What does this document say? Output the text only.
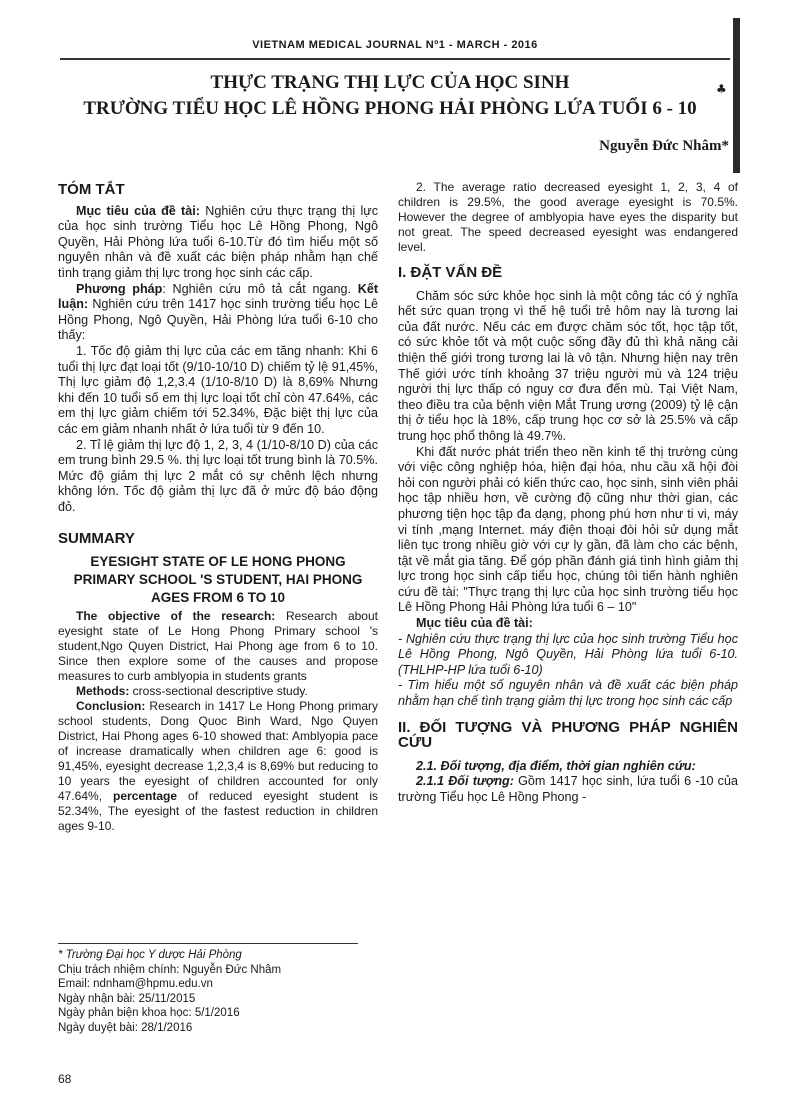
VIETNAM MEDICAL JOURNAL Nº1 - MARCH - 2016
THỰC TRẠNG THỊ LỰC CỦA HỌC SINH
TRƯỜNG TIỂU HỌC LÊ HỒNG PHONG HẢI PHÒNG LỨA TUỔI 6 - 10
♣
Nguyễn Đức Nhâm*

TÓM TẮT

Mục tiêu của đề tài: Nghiên cứu thực trạng thị lực của học sinh trường Tiểu học Lê Hồng Phong, Ngô Quyền, Hải Phòng lứa tuổi 6-10.Từ đó tìm hiểu một số nguyên nhân và đề xuất các biện pháp nhằm hạn chế tình trạng giảm thị lực trong học sinh các cấp.

Phương pháp: Nghiên cứu mô tả cắt ngang. Kết luận: Nghiên cứu trên 1417 học sinh trường tiểu học Lê Hồng Phong, Ngô Quyền, Hải Phòng lứa tuổi 6-10 cho thấy:

1. Tốc độ giảm thị lực của các em tăng nhanh: Khi 6 tuổi thị lực đạt loại tốt (9/10-10/10 D) chiếm tỷ lệ 91,45%, Thị lực giảm độ 1,2,3.4 (1/10-8/10 D) là 8,69% Nhưng khi đến 10 tuổi số em thị lực loại tốt chỉ còn 47.64%, các em thị lực giảm chiếm tới 52.34%, Đặc biệt thị lực của các em giảm nhanh nhất ở lứa tuổi từ 9 đến 10.

2. Tỉ lệ giảm thị lực độ 1, 2, 3, 4 (1/10-8/10 D) của các em trung bình 29.5 %. thị lực loại tốt trung bình là 70.5%. Mức độ giảm thị lực 2 mắt có sự chênh lệch nhưng không lớn. Tốc độ giảm thị lực đã ở mức độ báo động đỏ.

SUMMARY

EYESIGHT STATE OF LE HONG PHONG PRIMARY SCHOOL 'S STUDENT, HAI PHONG AGES FROM 6 TO 10

The objective of the research: Research about eyesight state of Le Hong Phong Primary school 's student,Ngo Quyen District, Hai Phong age from 6 to 10. Since then explore some of the causes and propose measures to curb amblyopia in students grants

Methods: cross-sectional descriptive study.

Conclusion: Research in 1417 Le Hong Phong primary school students, Dong Quoc Binh Ward, Ngo Quyen District, Hai Phong ages 6-10 showed that: Amblyopia pace of increase dramatically when children age 6: good is 91,45%, eyesight decrease 1,2,3,4 is 8,69% but reducing to 10 years the eyesight of children accounted for only 47.64%, percentage of reduced eyesight student is 52.34%, The eyesight of the fastest reduction in children ages 9-10.

2. The average ratio decreased eyesight 1, 2, 3, 4 of children is 29.5%, the good average eyesight is 70.5%. However the degree of amblyopia have eyes the disparity but not great. The speed decreased eyesight was endangered level.

I. ĐẶT VẤN ĐỀ

Chăm sóc sức khỏe học sinh là một công tác có ý nghĩa hết sức quan trọng vì thế hệ tuổi trẻ hôm nay là tương lai của đất nước. Nếu các em được chăm sóc tốt, học tập tốt, có sức khỏe tốt và một cuộc sống đầy đủ thì khả năng cải thiện thế giới trong tương lai là vô tận. Nhưng hiện nay trên Thế giới ước tính khoảng 37 triệu người mù và 124 triệu người thị lực thấp có nguy cơ đưa đến mù. Tại Việt Nam, theo điều tra của bệnh viện Mắt Trung ương (2009) tỷ lệ cận thị ở tiểu học là 18%, cấp trung học cơ sở là 25.5% và cấp trung học phổ thông là 49.7%.

Khi đất nước phát triển theo nền kinh tế thị trường cùng với việc công nghiệp hóa, hiện đại hóa, nhu cầu xã hội đòi hỏi con người phải có kiến thức cao, học sinh, sinh viên phải học tập nhiều hơn, về cường độ cũng như thời gian, các phương tiện học tập đa dạng, phong phú hơn như ti vi, máy vi tính ,mạng Internet. máy điện thoại đòi hỏi sử dụng mắt liên tục trong nhiều giờ với cự ly gần, đã làm cho các bệnh, tật về mắt gia tăng. Để góp phần đánh giá tình hình giảm thị lực trong học sinh cấp tiểu học, chúng tôi tiến hành nghiên cứu đề tài: "Thực trạng thị lực của học sinh trường tiểu học Lê Hồng Phong Hải Phòng lứa tuổi 6 – 10"

Mục tiêu của đề tài:

- Nghiên cứu thực trạng thị lực của học sinh trường Tiểu học Lê Hồng Phong, Ngô Quyền, Hải Phòng lứa tuổi 6-10. (THLHP-HP lứa tuổi 6-10)

- Tìm hiểu một số nguyên nhân và đề xuất các biện pháp nhằm hạn chế tình trạng giảm thị lực trong học sinh các cấp

II. ĐỐI TƯỢNG VÀ PHƯƠNG PHÁP NGHIÊN CỨU

2.1. Đối tượng, địa điểm, thời gian nghiên cứu:

2.1.1 Đối tượng: Gồm 1417 học sinh, lứa tuổi 6 -10 của trường Tiểu học Lê Hồng Phong -

* Trường Đại học Y dược Hải Phòng

Chịu trách nhiệm chính: Nguyễn Đức Nhâm

Email: ndnham@hpmu.edu.vn

Ngày nhận bài: 25/11/2015

Ngày phản biện khoa học: 5/1/2016

Ngày duyệt bài: 28/1/2016

68
